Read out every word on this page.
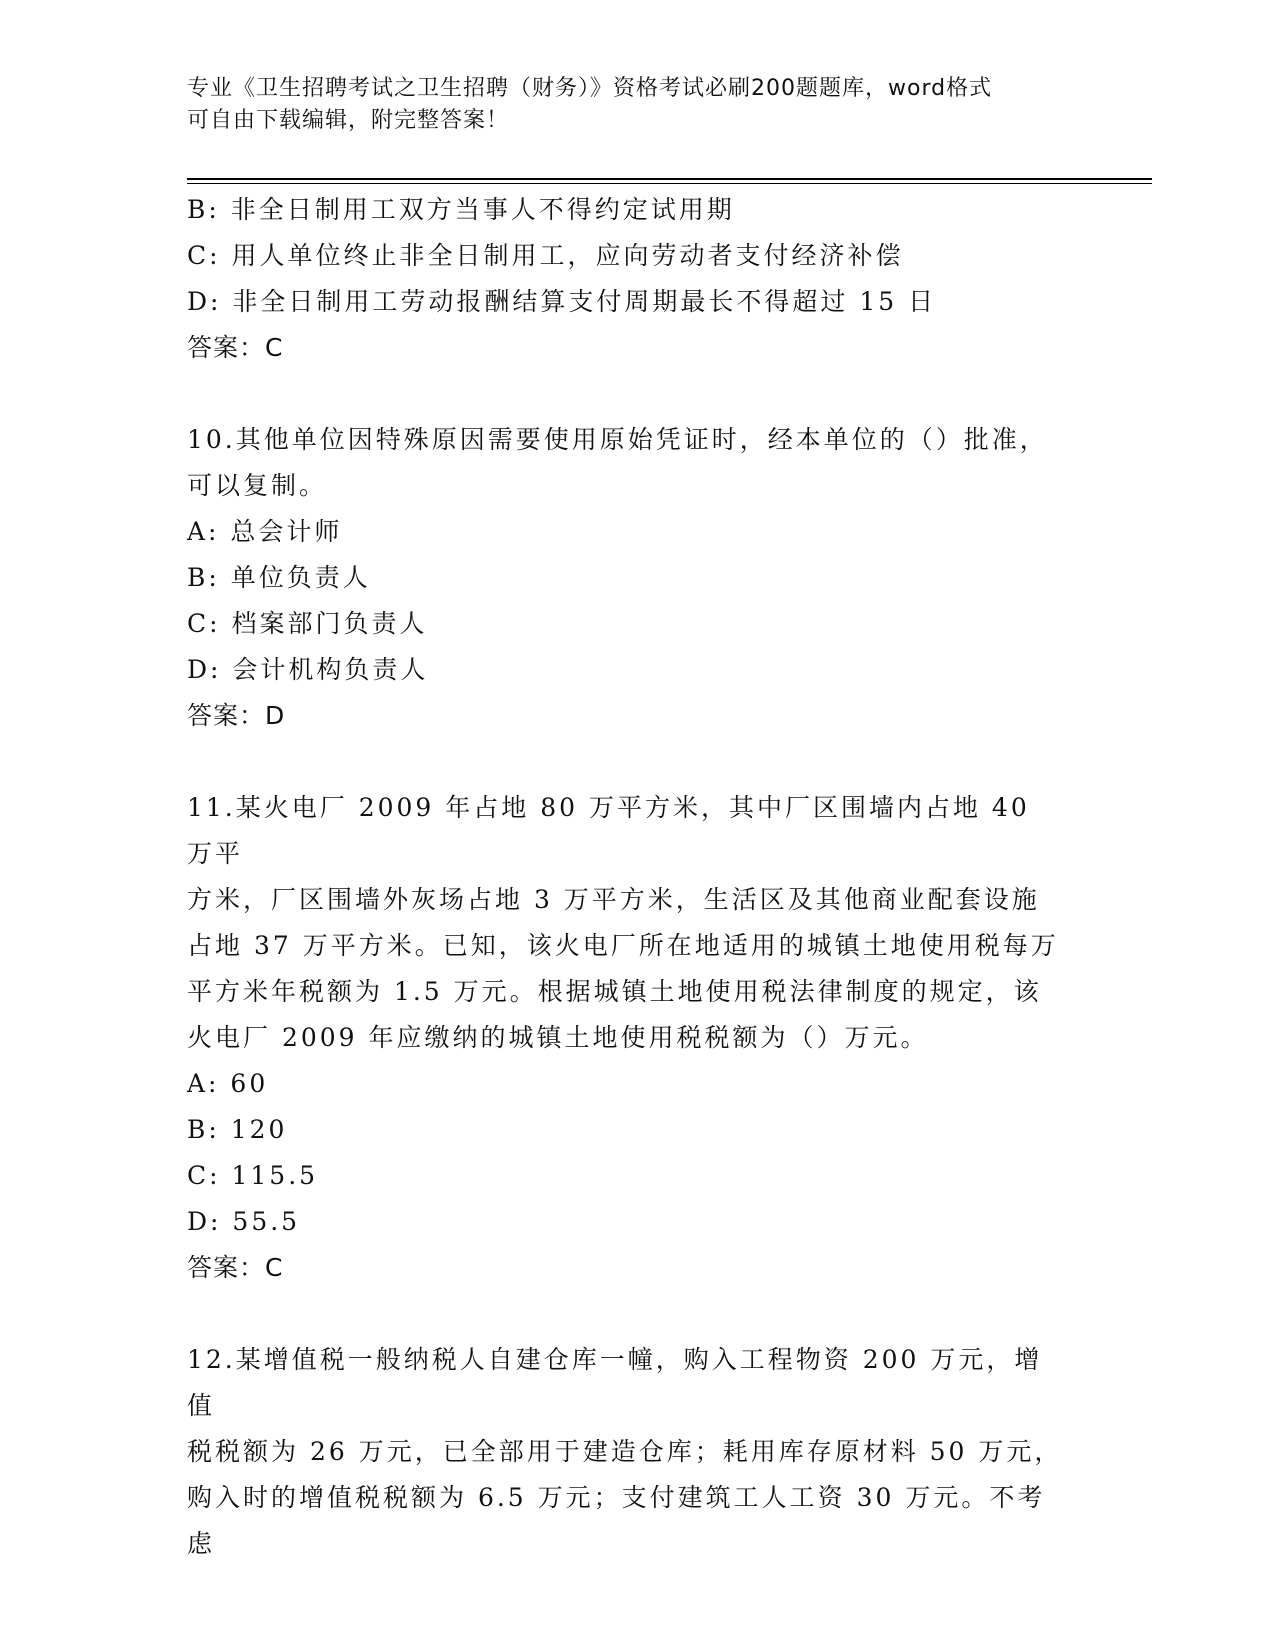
专业《卫生招聘考试之卫生招聘（财务）》资格考试必刷200题题库，word格式
可自由下载编辑，附完整答案！
B: 非全日制用工双方当事人不得约定试用期
C: 用人单位终止非全日制用工，应向劳动者支付经济补偿
D: 非全日制用工劳动报酬结算支付周期最长不得超过 15 日
答案：C
10.其他单位因特殊原因需要使用原始凭证时，经本单位的（）批准，
可以复制。
A: 总会计师
B: 单位负责人
C: 档案部门负责人
D: 会计机构负责人
答案：D
11.某火电厂 2009 年占地 80 万平方米，其中厂区围墙内占地 40 万平
方米，厂区围墙外灰场占地 3 万平方米，生活区及其他商业配套设施
占地 37 万平方米。已知，该火电厂所在地适用的城镇土地使用税每万
平方米年税额为 1.5 万元。根据城镇土地使用税法律制度的规定，该
火电厂 2009 年应缴纳的城镇土地使用税税额为（）万元。
A: 60
B: 120
C: 115.5
D: 55.5
答案：C
12.某增值税一般纳税人自建仓库一幢，购入工程物资 200 万元，增值
税税额为 26 万元，已全部用于建造仓库；耗用库存原材料 50 万元，
购入时的增值税税额为 6.5 万元；支付建筑工人工资 30 万元。不考虑
